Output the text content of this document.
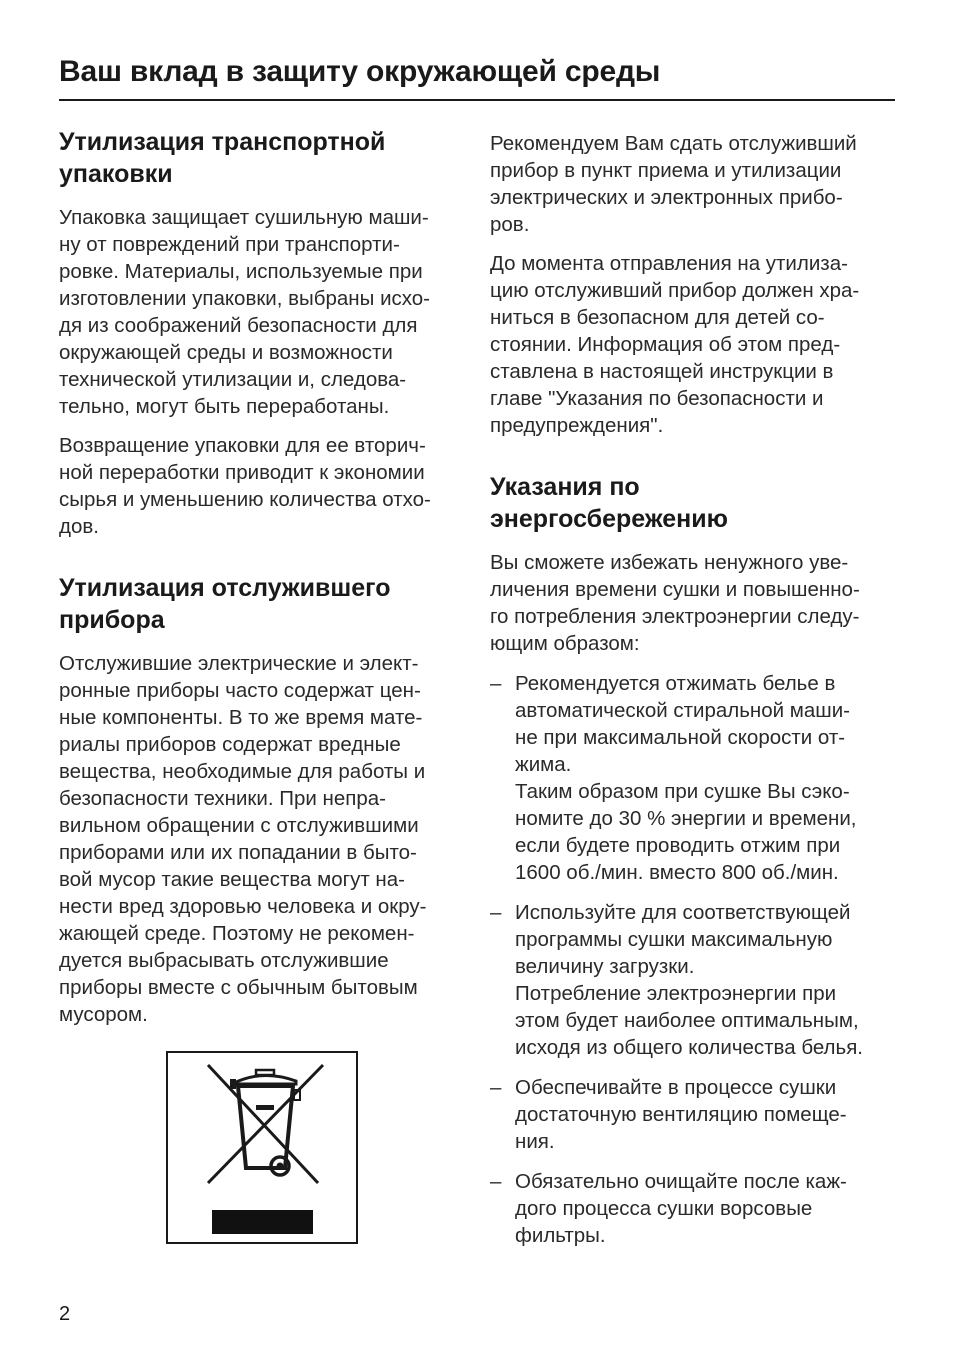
Ваш вклад в защиту окружающей среды
Утилизация транспортной
упаковки
Упаковка защищает сушильную маши-
ну от повреждений при транспорти-
ровке. Материалы, используемые при
изготовлении упаковки, выбраны исхо-
дя из соображений безопасности для
окружающей среды и возможности
технической утилизации и, следова-
тельно, могут быть переработаны.
Возвращение упаковки для ее вторич-
ной переработки приводит к экономии
сырья и уменьшению количества отхо-
дов.
Утилизация отслужившего
прибора
Отслужившие электрические и элект-
ронные приборы часто содержат цен-
ные компоненты. В то же время мате-
риалы приборов содержат вредные
вещества, необходимые для работы и
безопасности техники. При непра-
вильном обращении с отслужившими
приборами или их попадании в быто-
вой мусор такие вещества могут на-
нести вред здоровью человека и окру-
жающей среде. Поэтому не рекомен-
дуется выбрасывать отслужившие
приборы вместе с обычным бытовым
мусором.
Рекомендуем Вам сдать отслуживший
прибор в пункт приема и утилизации
электрических и электронных прибо-
ров.
До момента отправления на утилиза-
цию отслуживший прибор должен хра-
ниться в безопасном для детей со-
стоянии. Информация об этом пред-
ставлена в настоящей инструкции в
главе "Указания по безопасности и
предупреждения".
Указания по
энергосбережению
Вы сможете избежать ненужного уве-
личения времени сушки и повышенно-
го потребления электроэнергии следу-
ющим образом:
– Рекомендуется отжимать белье в
автоматической стиральной маши-
не при максимальной скорости от-
жима.
Таким образом при сушке Вы сэко-
номите до 30 % энергии и времени,
если будете проводить отжим при
1600 об./мин. вместо 800 об./мин.
– Используйте для соответствующей
программы сушки максимальную
величину загрузки.
Потребление электроэнергии при
этом будет наиболее оптимальным,
исходя из общего количества белья.
– Обеспечивайте в процессе сушки
достаточную вентиляцию помеще-
ния.
– Обязательно очищайте после каж-
дого процесса сушки ворсовые
фильтры.
2
